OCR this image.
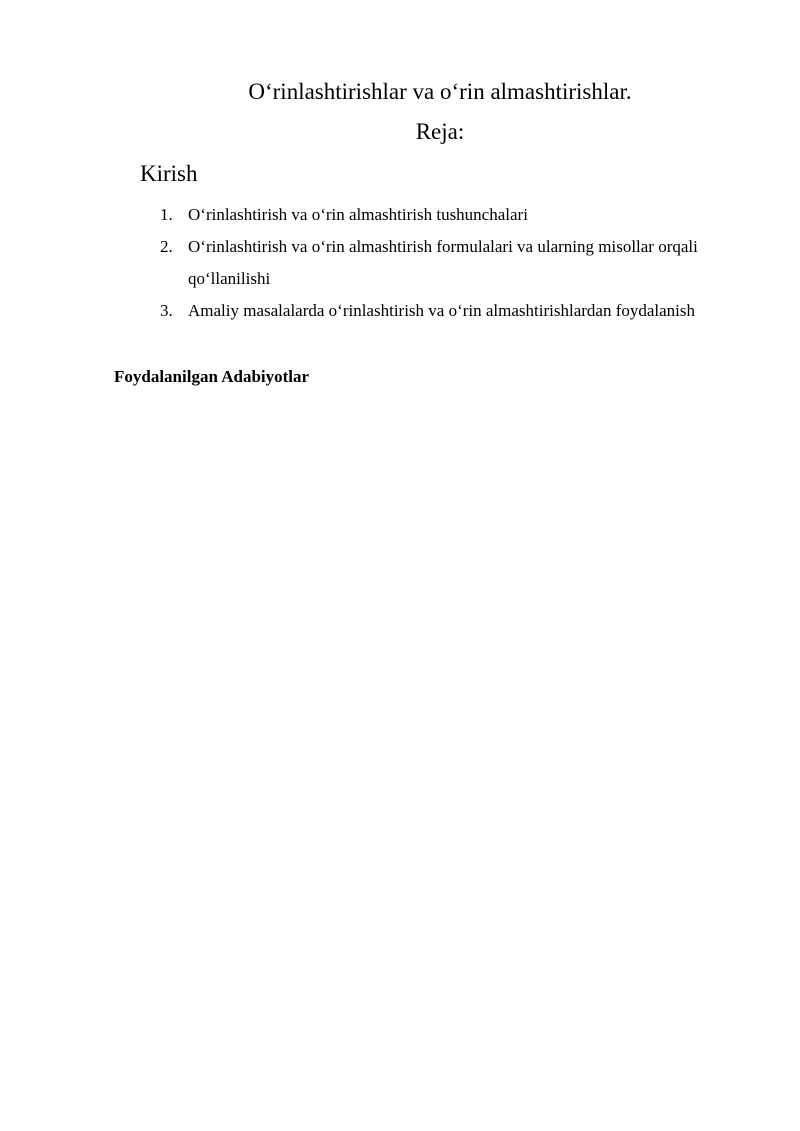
O‘rinlashtirishlar va o‘rin almashtirishlar.
Reja:
Kirish
1. O‘rinlashtirish va o‘rin almashtirish tushunchalari
2. O‘rinlashtirish va o‘rin almashtirish formulalari va ularning misollar orqali qo‘llanilishi
3. Amaliy masalalarda o‘rinlashtirish va o‘rin almashtirishlardan foydalanish
Foydalanilgan Adabiyotlar
